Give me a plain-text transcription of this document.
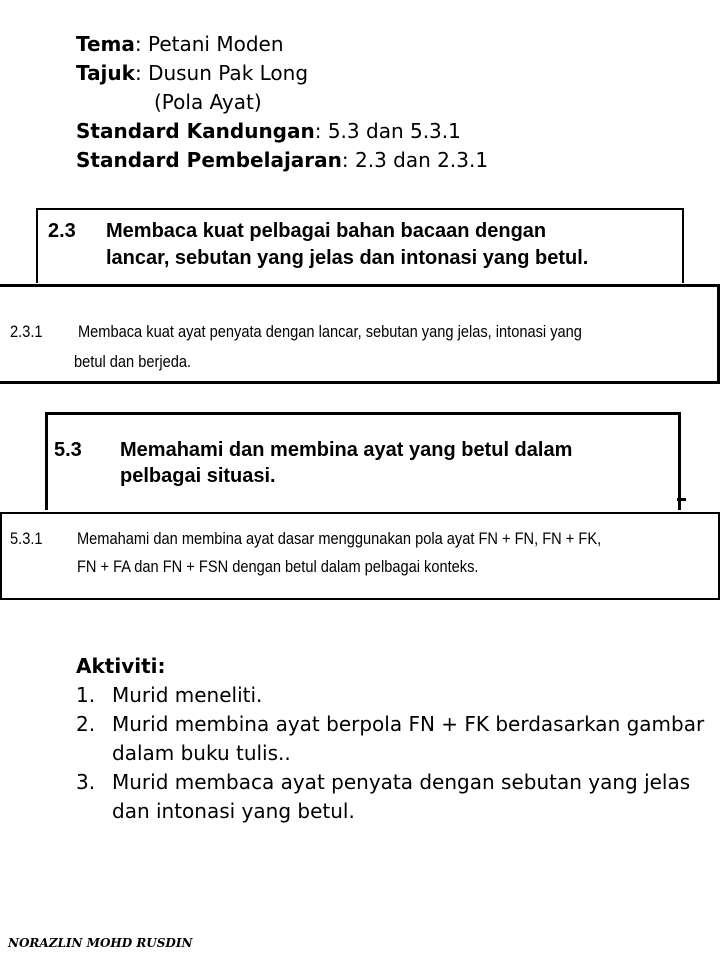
Tema: Petani Moden
Tajuk: Dusun Pak Long
(Pola Ayat)
Standard Kandungan: 5.3 dan 5.3.1
Standard Pembelajaran: 2.3 dan 2.3.1
2.3 Membaca kuat pelbagai bahan bacaan dengan
lancar, sebutan yang jelas dan intonasi yang betul.
2.3.1 Membaca kuat ayat penyata dengan lancar, sebutan yang jelas, intonasi yang
betul dan berjeda.
5.3 Memahami dan membina ayat yang betul dalam
pelbagai situasi.
5.3.1 Memahami dan membina ayat dasar menggunakan pola ayat FN + FN, FN + FK,
FN + FA dan FN + FSN dengan betul dalam pelbagai konteks.
Aktiviti:
1. Murid meneliti.
2. Murid membina ayat berpola FN + FK berdasarkan gambar dalam buku tulis..
3. Murid membaca ayat penyata dengan sebutan yang jelas dan intonasi yang betul.
NORAZLIN MOHD RUSDIN
